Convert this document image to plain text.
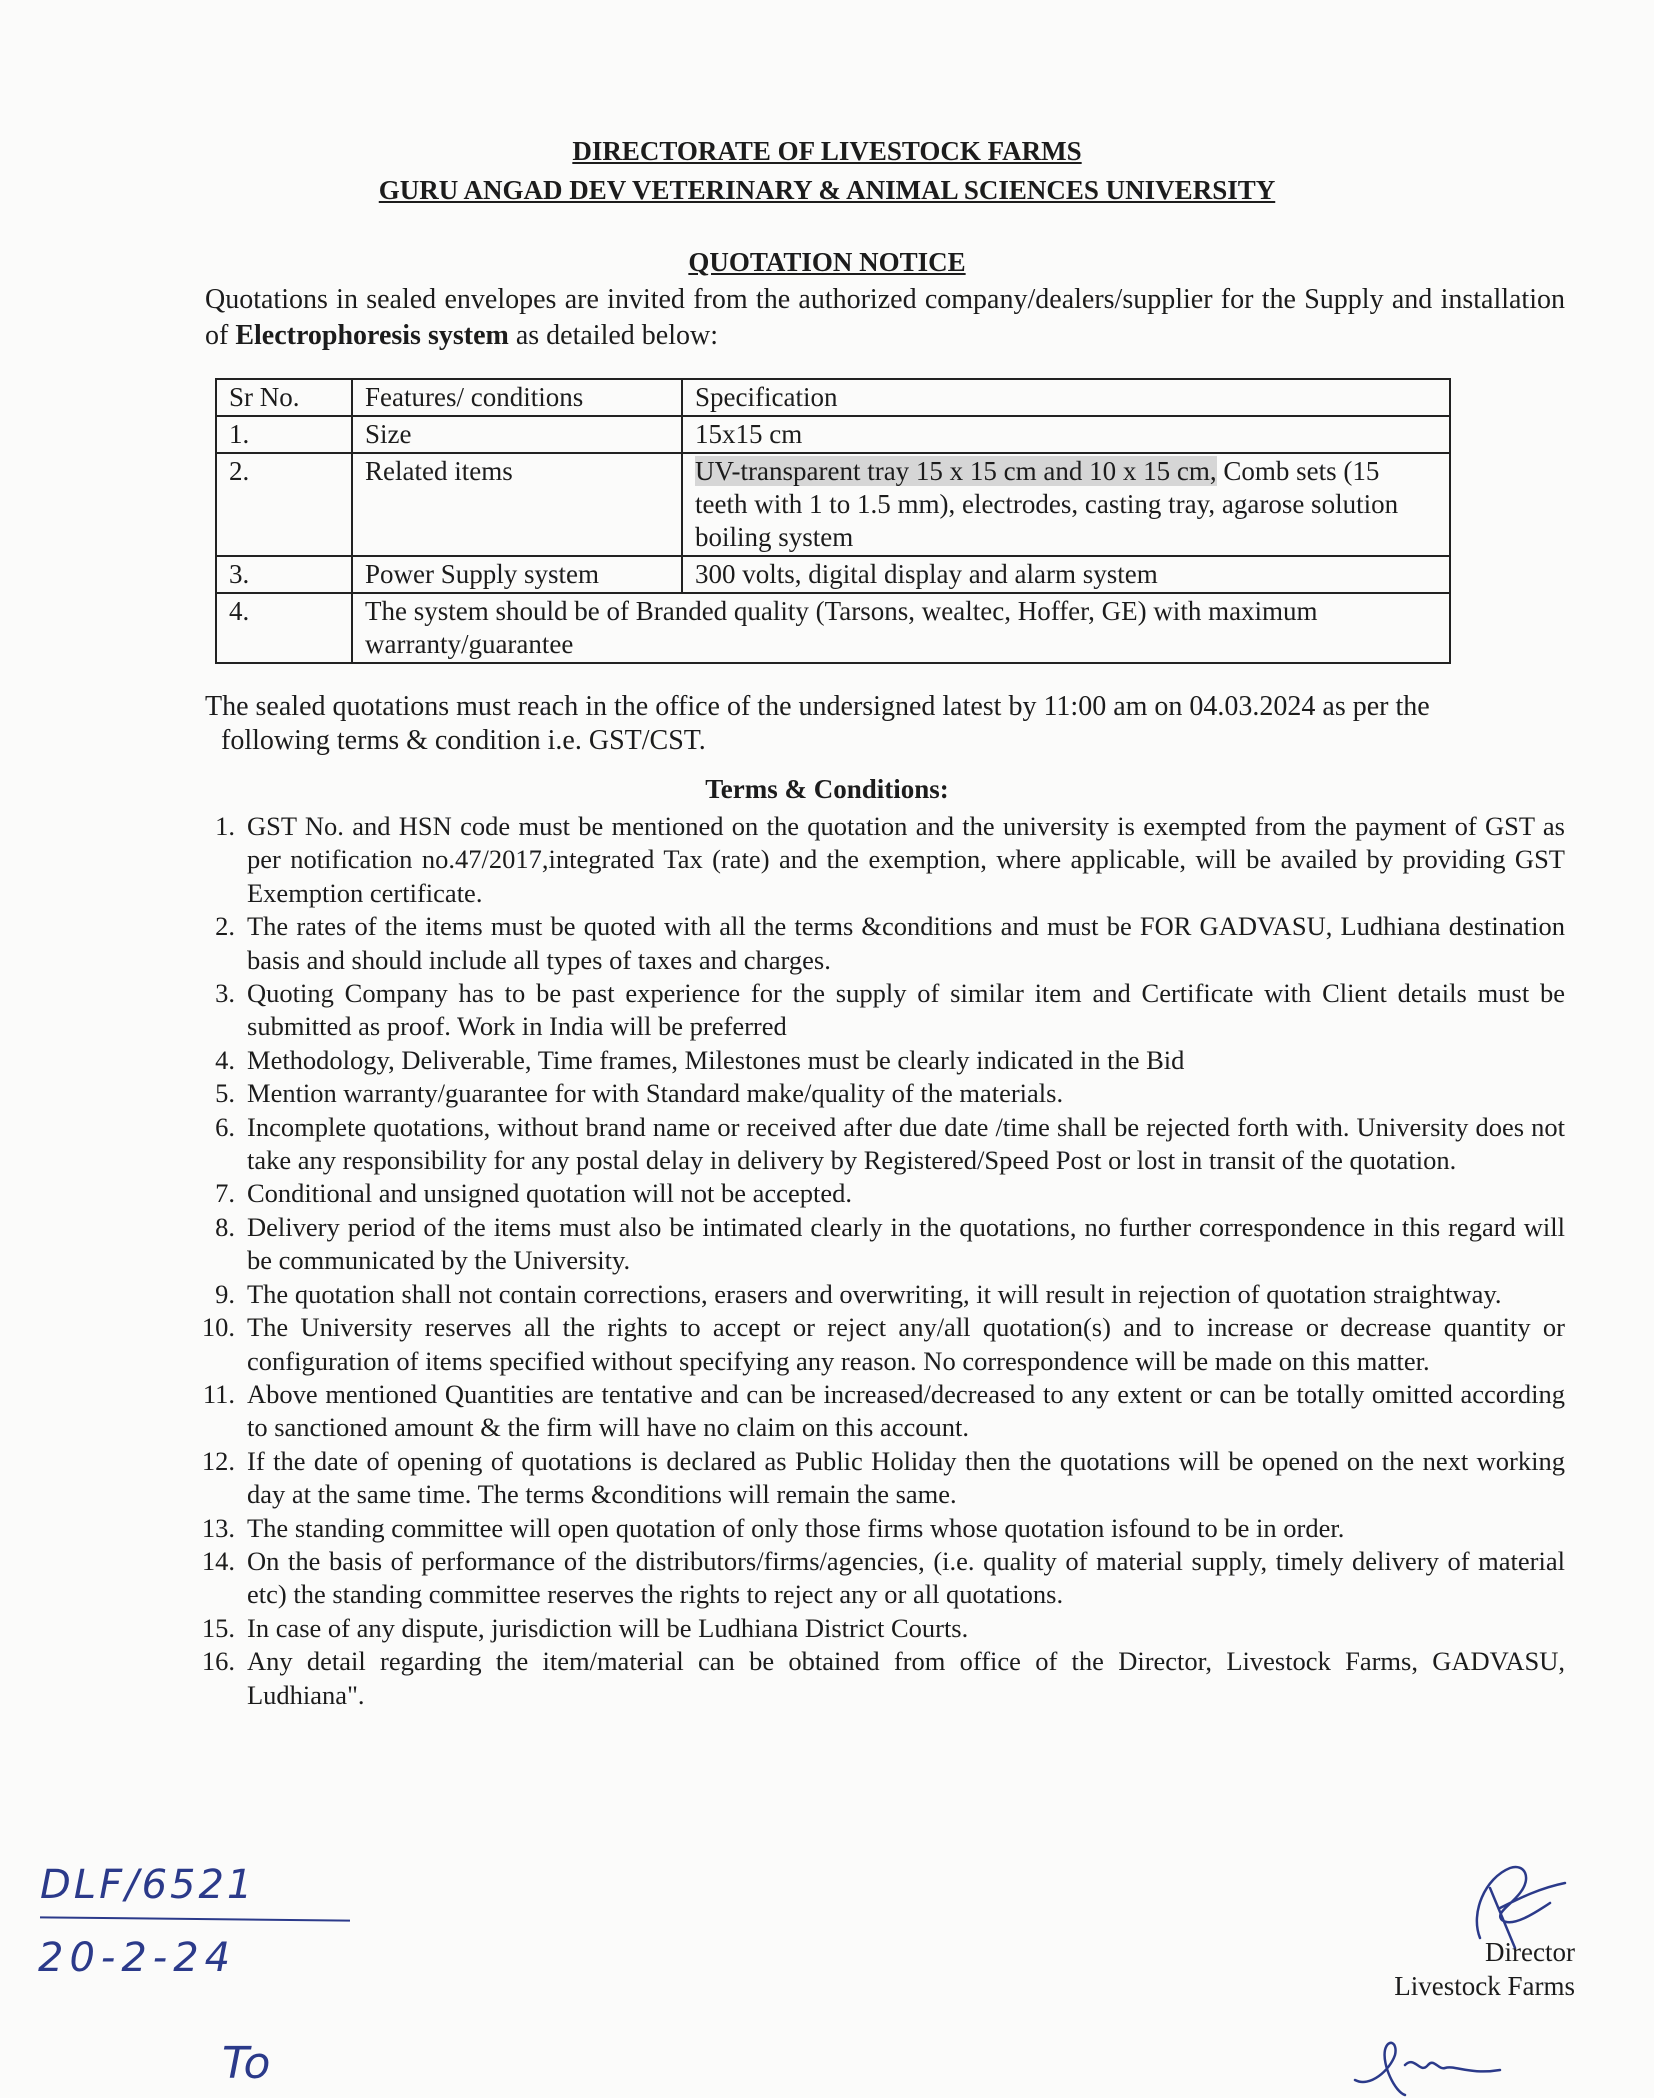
DIRECTORATE OF LIVESTOCK FARMS
GURU ANGAD DEV VETERINARY & ANIMAL SCIENCES UNIVERSITY
QUOTATION NOTICE
Quotations in sealed envelopes are invited from the authorized company/dealers/supplier for the Supply and installation of Electrophoresis system as detailed below:
Sr No.	Features/ conditions	Specification
1.	Size	15x15 cm
2.	Related items	UV-transparent tray 15 x 15 cm and 10 x 15 cm, Comb sets (15 teeth with 1 to 1.5 mm), electrodes, casting tray, agarose solution boiling system
3.	Power Supply system	300 volts, digital display and alarm system
4.	The system should be of Branded quality (Tarsons, wealtec, Hoffer, GE) with maximum warranty/guarantee	
The sealed quotations must reach in the office of the undersigned latest by 11:00 am on 04.03.2024 as per the
following terms & condition i.e. GST/CST.
Terms & Conditions:
1. GST No. and HSN code must be mentioned on the quotation and the university is exempted from the payment of GST as per notification no.47/2017,integrated Tax (rate) and the exemption, where applicable, will be availed by providing GST Exemption certificate.
2. The rates of the items must be quoted with all the terms &conditions and must be FOR GADVASU, Ludhiana destination basis and should include all types of taxes and charges.
3. Quoting Company has to be past experience for the supply of similar item and Certificate with Client details must be submitted as proof. Work in India will be preferred
4. Methodology, Deliverable, Time frames, Milestones must be clearly indicated in the Bid
5. Mention warranty/guarantee for with Standard make/quality of the materials.
6. Incomplete quotations, without brand name or received after due date /time shall be rejected forth with. University does not take any responsibility for any postal delay in delivery by Registered/Speed Post or lost in transit of the quotation.
7. Conditional and unsigned quotation will not be accepted.
8. Delivery period of the items must also be intimated clearly in the quotations, no further correspondence in this regard will be communicated by the University.
9. The quotation shall not contain corrections, erasers and overwriting, it will result in rejection of quotation straightway.
10. The University reserves all the rights to accept or reject any/all quotation(s) and to increase or decrease quantity or configuration of items specified without specifying any reason. No correspondence will be made on this matter.
11. Above mentioned Quantities are tentative and can be increased/decreased to any extent or can be totally omitted according to sanctioned amount & the firm will have no claim on this account.
12. If the date of opening of quotations is declared as Public Holiday then the quotations will be opened on the next working day at the same time. The terms &conditions will remain the same.
13. The standing committee will open quotation of only those firms whose quotation isfound to be in order.
14. On the basis of performance of the distributors/firms/agencies, (i.e. quality of material supply, timely delivery of material etc) the standing committee reserves the rights to reject any or all quotations.
15. In case of any dispute, jurisdiction will be Ludhiana District Courts.
16. Any detail regarding the item/material can be obtained from office of the Director, Livestock Farms, GADVASU, Ludhiana".
DLF/6521
20-2-24
To
Director
Livestock Farms
